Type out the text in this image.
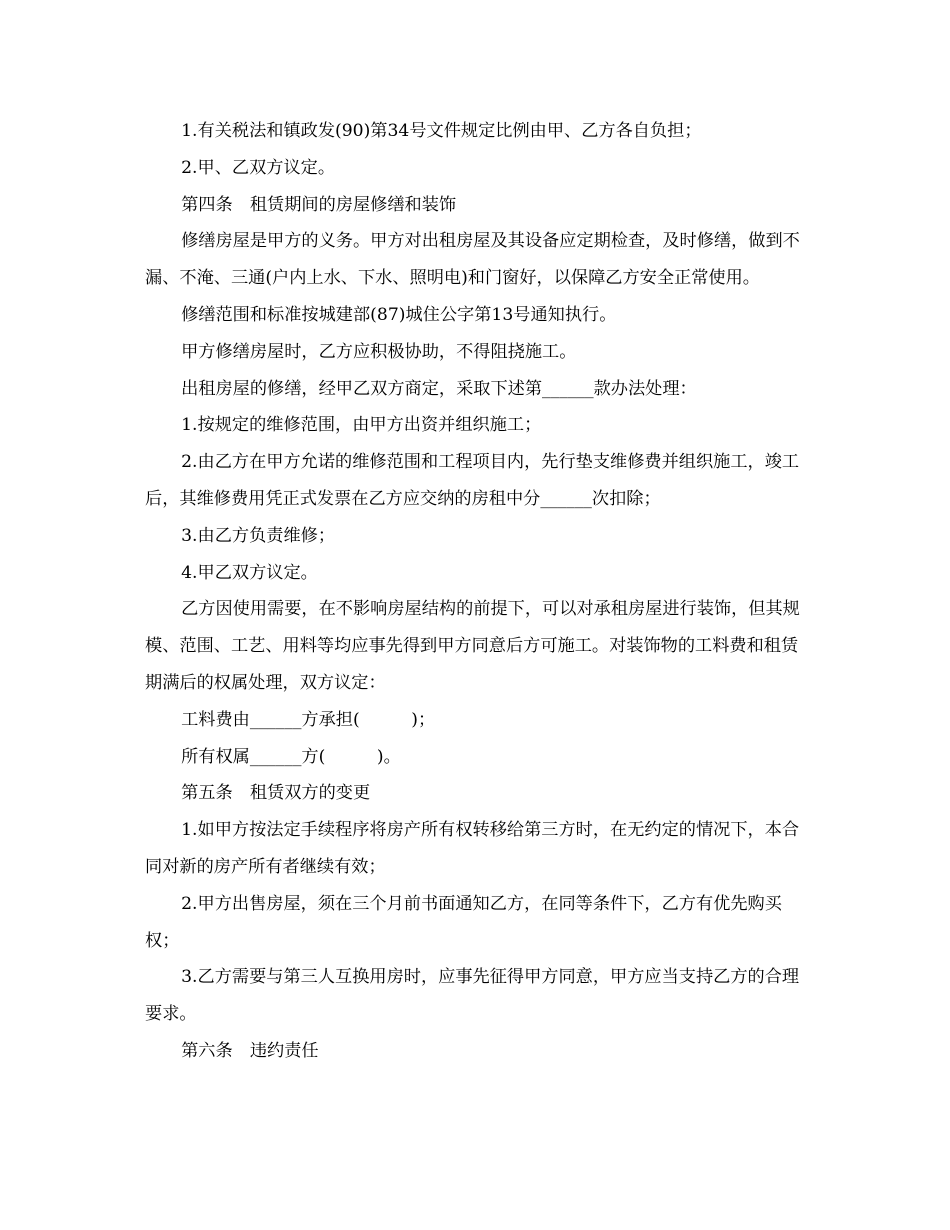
1.有关税法和镇政发(90)第34号文件规定比例由甲、乙方各自负担；

2.甲、乙双方议定。

第四条　租赁期间的房屋修缮和装饰

修缮房屋是甲方的义务。甲方对出租房屋及其设备应定期检查，及时修缮，做到不漏、不淹、三通(户内上水、下水、照明电)和门窗好，以保障乙方安全正常使用。

修缮范围和标准按城建部(87)城住公字第13号通知执行。

甲方修缮房屋时，乙方应积极协助，不得阻挠施工。

出租房屋的修缮，经甲乙双方商定，采取下述第______款办法处理：

1.按规定的维修范围，由甲方出资并组织施工；

2.由乙方在甲方允诺的维修范围和工程项目内，先行垫支维修费并组织施工，竣工后，其维修费用凭正式发票在乙方应交纳的房租中分______次扣除；

3.由乙方负责维修；

4.甲乙双方议定。

乙方因使用需要，在不影响房屋结构的前提下，可以对承租房屋进行装饰，但其规模、范围、工艺、用料等均应事先得到甲方同意后方可施工。对装饰物的工料费和租赁期满后的权属处理，双方议定：

工料费由______方承担(　　　)；

所有权属______方(　　　)。

第五条　租赁双方的变更

1.如甲方按法定手续程序将房产所有权转移给第三方时，在无约定的情况下，本合同对新的房产所有者继续有效；

2.甲方出售房屋，须在三个月前书面通知乙方，在同等条件下，乙方有优先购买权；

3.乙方需要与第三人互换用房时，应事先征得甲方同意，甲方应当支持乙方的合理要求。

第六条　违约责任
